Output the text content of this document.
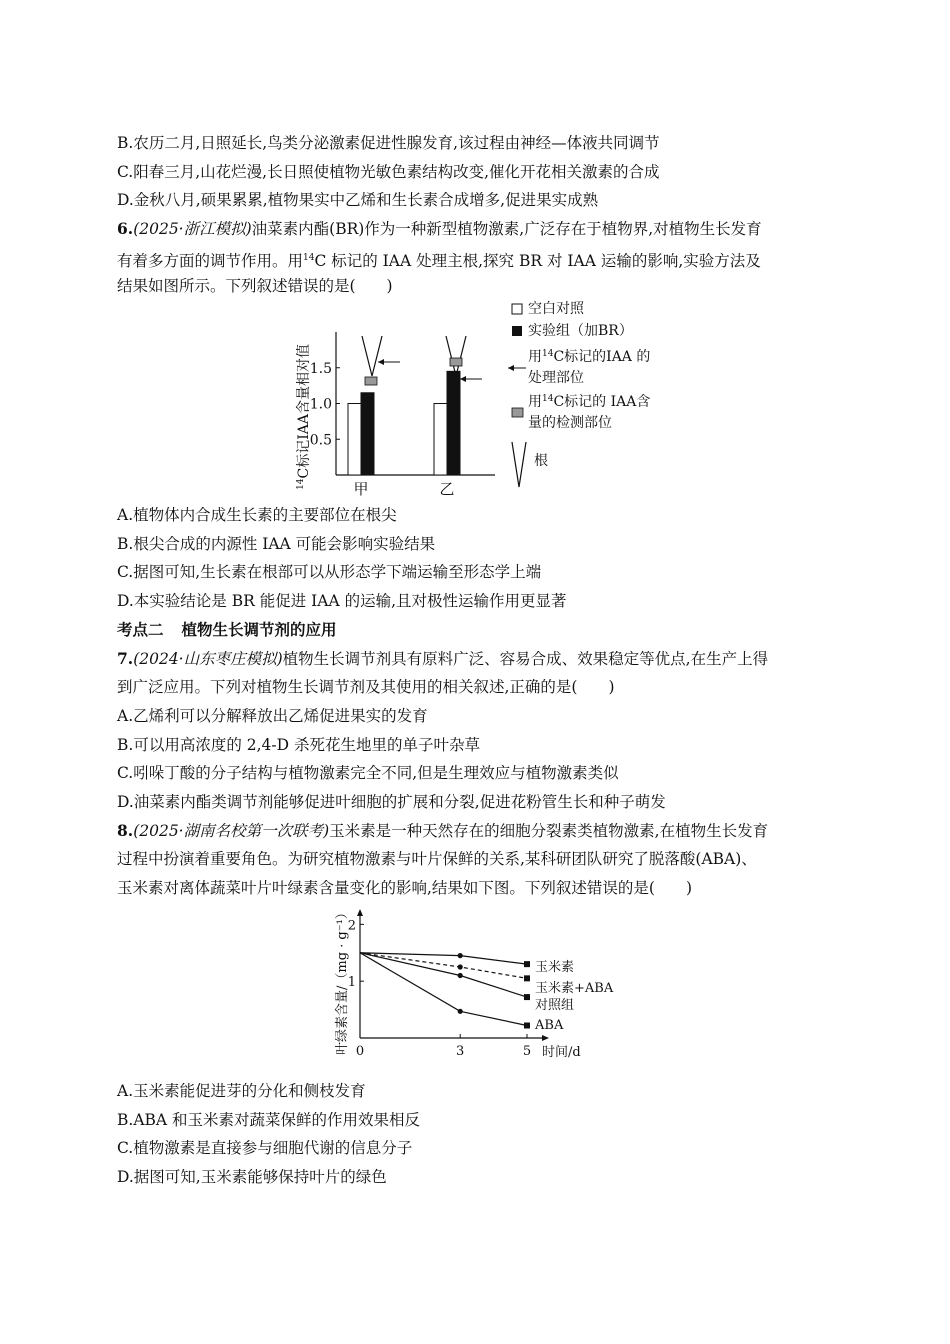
B.农历二月,日照延长,鸟类分泌激素促进性腺发育,该过程由神经—体液共同调节
C.阳春三月,山花烂漫,长日照使植物光敏色素结构改变,催化开花相关激素的合成
D.金秋八月,硕果累累,植物果实中乙烯和生长素合成增多,促进果实成熟
6.(2025·浙江模拟)油菜素内酯(BR)作为一种新型植物激素,广泛存在于植物界,对植物生长发育
有着多方面的调节作用。用$^{14}$C 标记的 IAA 处理主根,探究 BR 对 IAA 运输的影响,实验方法及
结果如图所示。下列叙述错误的是(　　)
$^{14}$C标记IAA含量相对值
0.5
1.0
1.5
甲	乙
空白对照
实验组（加BR）
用$^{14}$C标记的IAA 的
处理部位
用$^{14}$C标记的 IAA含
量的检测部位
根
A.植物体内合成生长素的主要部位在根尖
B.根尖合成的内源性 IAA 可能会影响实验结果
C.据图可知,生长素在根部可以从形态学下端运输至形态学上端
D.本实验结论是 BR 能促进 IAA 的运输,且对极性运输作用更显著
考点二 植物生长调节剂的应用
7.(2024·山东枣庄模拟)植物生长调节剂具有原料广泛、容易合成、效果稳定等优点,在生产上得
到广泛应用。下列对植物生长调节剂及其使用的相关叙述,正确的是(　　)
A.乙烯利可以分解释放出乙烯促进果实的发育
B.可以用高浓度的 2,4-D 杀死花生地里的单子叶杂草
C.吲哚丁酸的分子结构与植物激素完全不同,但是生理效应与植物激素类似
D.油菜素内酯类调节剂能够促进叶细胞的扩展和分裂,促进花粉管生长和种子萌发
8.(2025·湖南名校第一次联考)玉米素是一种天然存在的细胞分裂素类植物激素,在植物生长发育
过程中扮演着重要角色。为研究植物激素与叶片保鲜的关系,某科研团队研究了脱落酸(ABA)、
玉米素对离体蔬菜叶片叶绿素含量变化的影响,结果如下图。下列叙述错误的是(　　)
叶绿素含量/（mg · g⁻¹）	时间/d
0	3	5
1
2
玉米素
玉米素+ABA
对照组
ABA
A.玉米素能促进芽的分化和侧枝发育
B.ABA 和玉米素对蔬菜保鲜的作用效果相反
C.植物激素是直接参与细胞代谢的信息分子
D.据图可知,玉米素能够保持叶片的绿色
